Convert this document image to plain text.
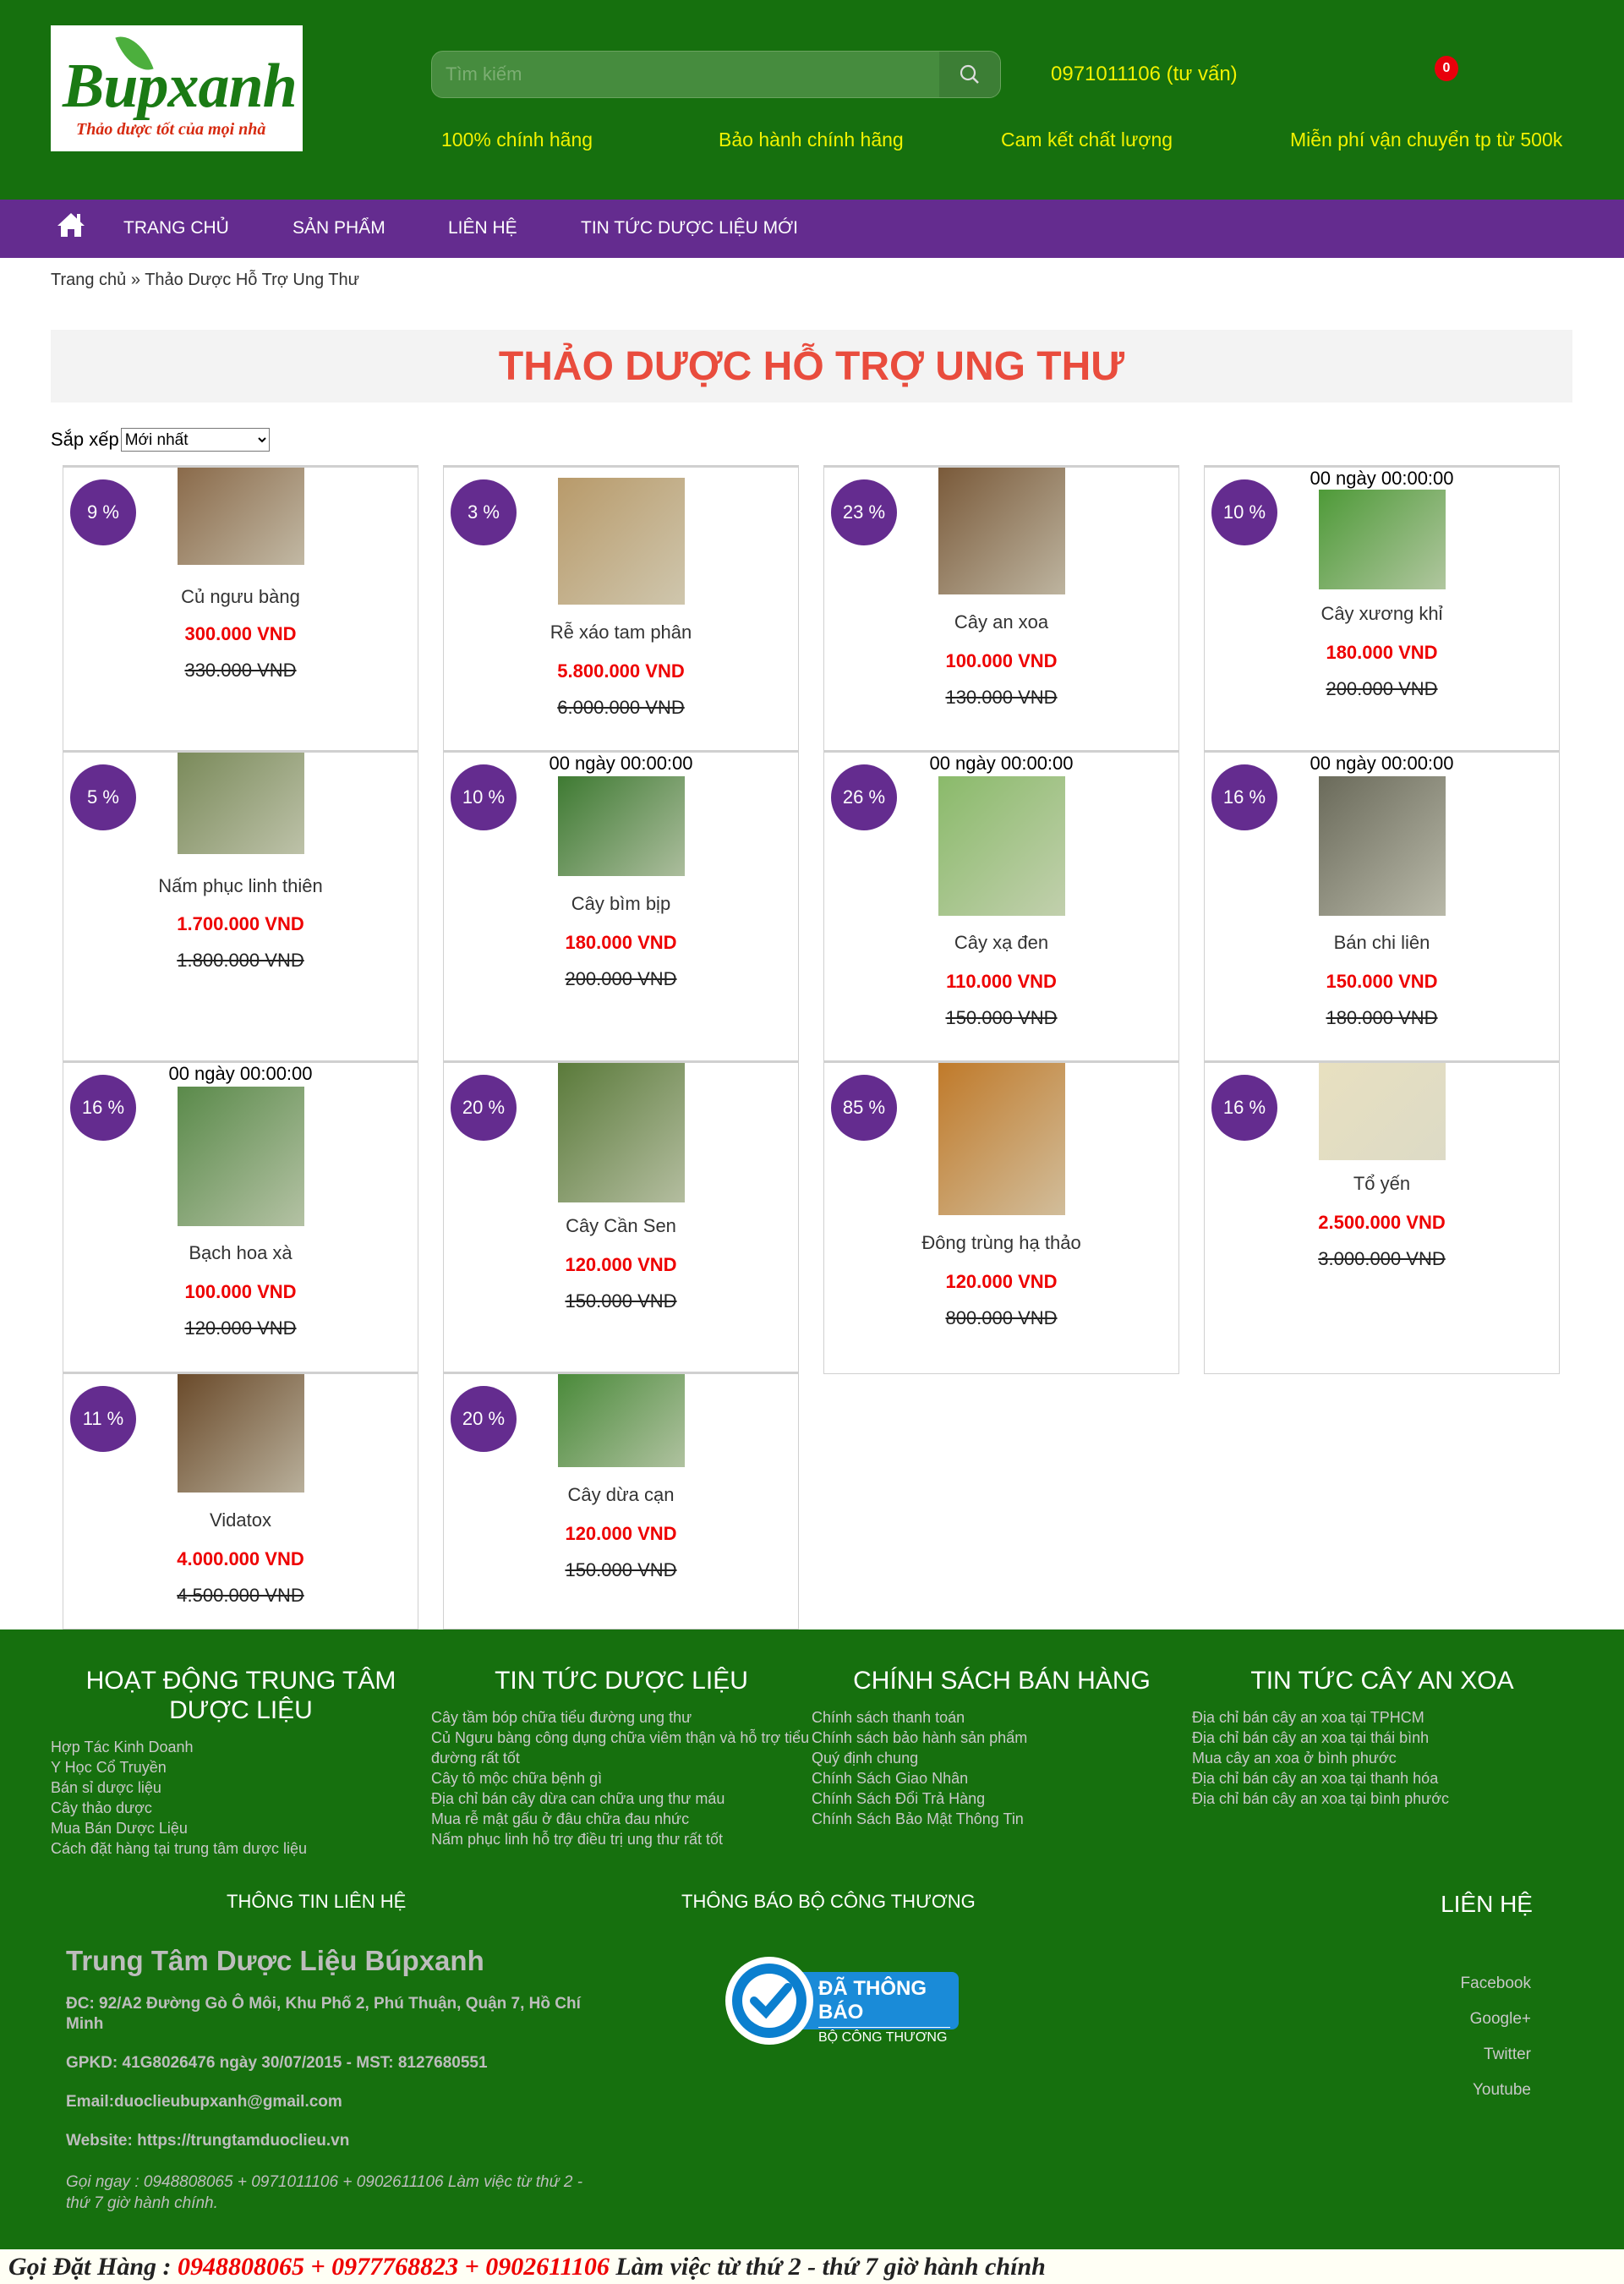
Bupxanh
Thảo dược tốt của mọi nhà
Tìm kiếm
0971011106 (tư vấn)	0
100% chính hãng	Bảo hành chính hãng	Cam kết chất lượng	Miễn phí vận chuyển tp từ 500k
TRANG CHỦ	SẢN PHẨM	LIÊN HỆ	TIN TỨC DƯỢC LIỆU MỚI
Trang chủ » Thảo Dược Hỗ Trợ Ung Thư
THẢO DƯỢC HỖ TRỢ UNG THƯ
Sắp xếp
Mới nhất
9 %
Củ ngưu bàng
300.000 VND
330.000 VND
3 %
Rễ xáo tam phân
5.800.000 VND
6.000.000 VND
23 %
Cây an xoa
100.000 VND
130.000 VND
00 ngày 00:00:00
10 %
Cây xương khỉ
180.000 VND
200.000 VND
5 %
Nấm phục linh thiên
1.700.000 VND
1.800.000 VND
00 ngày 00:00:00
10 %
Cây bìm bịp
180.000 VND
200.000 VND
00 ngày 00:00:00
26 %
Cây xạ đen
110.000 VND
150.000 VND
00 ngày 00:00:00
16 %
Bán chi liên
150.000 VND
180.000 VND
00 ngày 00:00:00
16 %
Bạch hoa xà
100.000 VND
120.000 VND
20 %
Cây Cần Sen
120.000 VND
150.000 VND
85 %
Đông trùng hạ thảo
120.000 VND
800.000 VND
16 %
Tổ yến
2.500.000 VND
3.000.000 VND
11 %
Vidatox
4.000.000 VND
4.500.000 VND
20 %
Cây dừa cạn
120.000 VND
150.000 VND
HOẠT ĐỘNG TRUNG TÂM DƯỢC LIỆU
Hợp Tác Kinh Doanh
Y Học Cổ Truyền
Bán sỉ dược liệu
Cây thảo dược
Mua Bán Dược Liệu
Cách đặt hàng tại trung tâm dược liệu
TIN TỨC DƯỢC LIỆU
Cây tầm bóp chữa tiểu đường ung thư
Củ Ngưu bàng công dụng chữa viêm thận và hỗ trợ tiểu đường rất tốt
Cây tô mộc chữa bệnh gì
Địa chỉ bán cây dừa can chữa ung thư máu
Mua rễ mật gấu ở đâu chữa đau nhức
Nấm phục linh hỗ trợ điều trị ung thư rất tốt
CHÍNH SÁCH BÁN HÀNG
Chính sách thanh toán
Chính sách bảo hành sản phẩm
Quý định chung
Chính Sách Giao Nhân
Chính Sách Đổi Trả Hàng
Chính Sách Bảo Mật Thông Tin
TIN TỨC CÂY AN XOA
Địa chỉ bán cây an xoa tại TPHCM
Địa chỉ bán cây an xoa tại thái bình
Mua cây an xoa ở bình phước
Địa chỉ bán cây an xoa tại thanh hóa
Địa chỉ bán cây an xoa tại bình phước
THÔNG TIN LIÊN HỆ
Trung Tâm Dược Liệu Búpxanh
ĐC: 92/A2 Đường Gò Ô Môi, Khu Phố 2, Phú Thuận, Quận 7, Hồ Chí Minh
GPKD: 41G8026476 ngày 30/07/2015 - MST: 8127680551
Email:duoclieubupxanh@gmail.com
Website: https://trungtamduoclieu.vn
Gọi ngay : 0948808065 + 0971011106 + 0902611106 Làm việc từ thứ 2 - thứ 7 giờ hành chính.
THÔNG BÁO BỘ CÔNG THƯƠNG
ĐÃ THÔNG BÁO
BỘ CÔNG THƯƠNG
LIÊN HỆ
Facebook
Google+
Twitter
Youtube
Gọi Đặt Hàng : 0948808065 + 0977768823 + 0902611106 Làm việc từ thứ 2 - thứ 7 giờ hành chính
